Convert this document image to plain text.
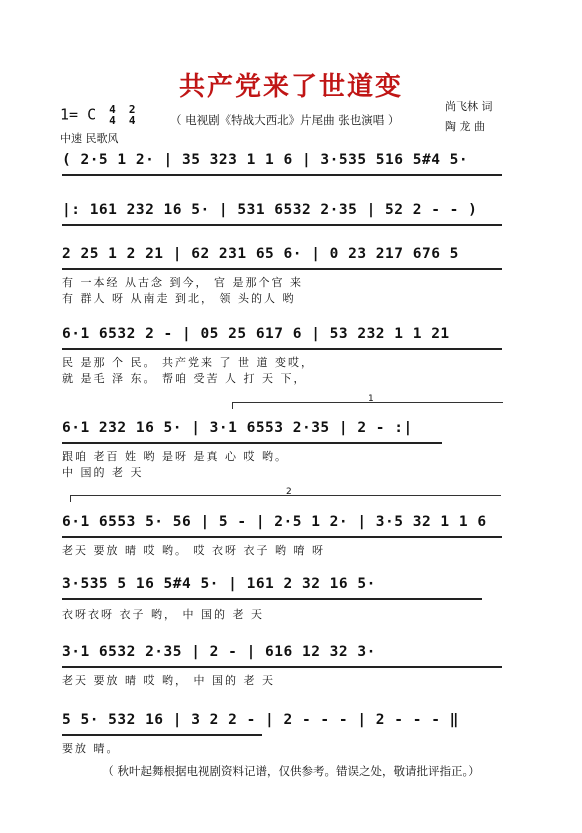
共产党来了世道变
1= C 4
4 2
4
中速 民歌风
（ 电视剧《特战大西北》片尾曲 张也演唱 ）
尚飞林 词
陶 龙 曲
( 2·5 1 2· | 35 323 1 1 6 | 3·535 516 5#4 5·
|: 161 232 16 5· | 531 6532 2·35 | 52 2 - - )
2 25 1 2 21 | 62 231 65 6· | 0 23 217 676 5
有 一本经 从古念 到今， 官 是那个官 来
有 群人 呀 从南走 到北， 领 头的人 哟
6·1 6532 2 - | 05 25 617 6 | 53 232 1 1 21
民 是那 个 民。 共产党来 了 世 道 变哎，
就 是毛 泽 东。 帮咱 受苦 人 打 天 下，
1
6·1 232 16 5· | 3·1 6553 2·35 | 2 - :|
跟咱 老百 姓 哟 是呀 是真 心 哎 哟。
中 国的 老 天
2
6·1 6553 5· 56 | 5 - | 2·5 1 2· | 3·5 32 1 1 6
老天 要放 晴 哎 哟。 哎 衣呀 衣子 哟 唷 呀
3·535 5 16 5#4 5· | 161 2 32 16 5·
衣呀衣呀 衣子 哟， 中 国的 老 天
3·1 6532 2·35 | 2 - | 616 12 32 3·
老天 要放 晴 哎 哟， 中 国的 老 天
5 5· 532 16 | 3 2 2 - | 2 - - - | 2 - - - ‖
要放 晴。
（ 秋叶起舞根据电视剧资料记谱，仅供参考。错误之处，敬请批评指正。）
